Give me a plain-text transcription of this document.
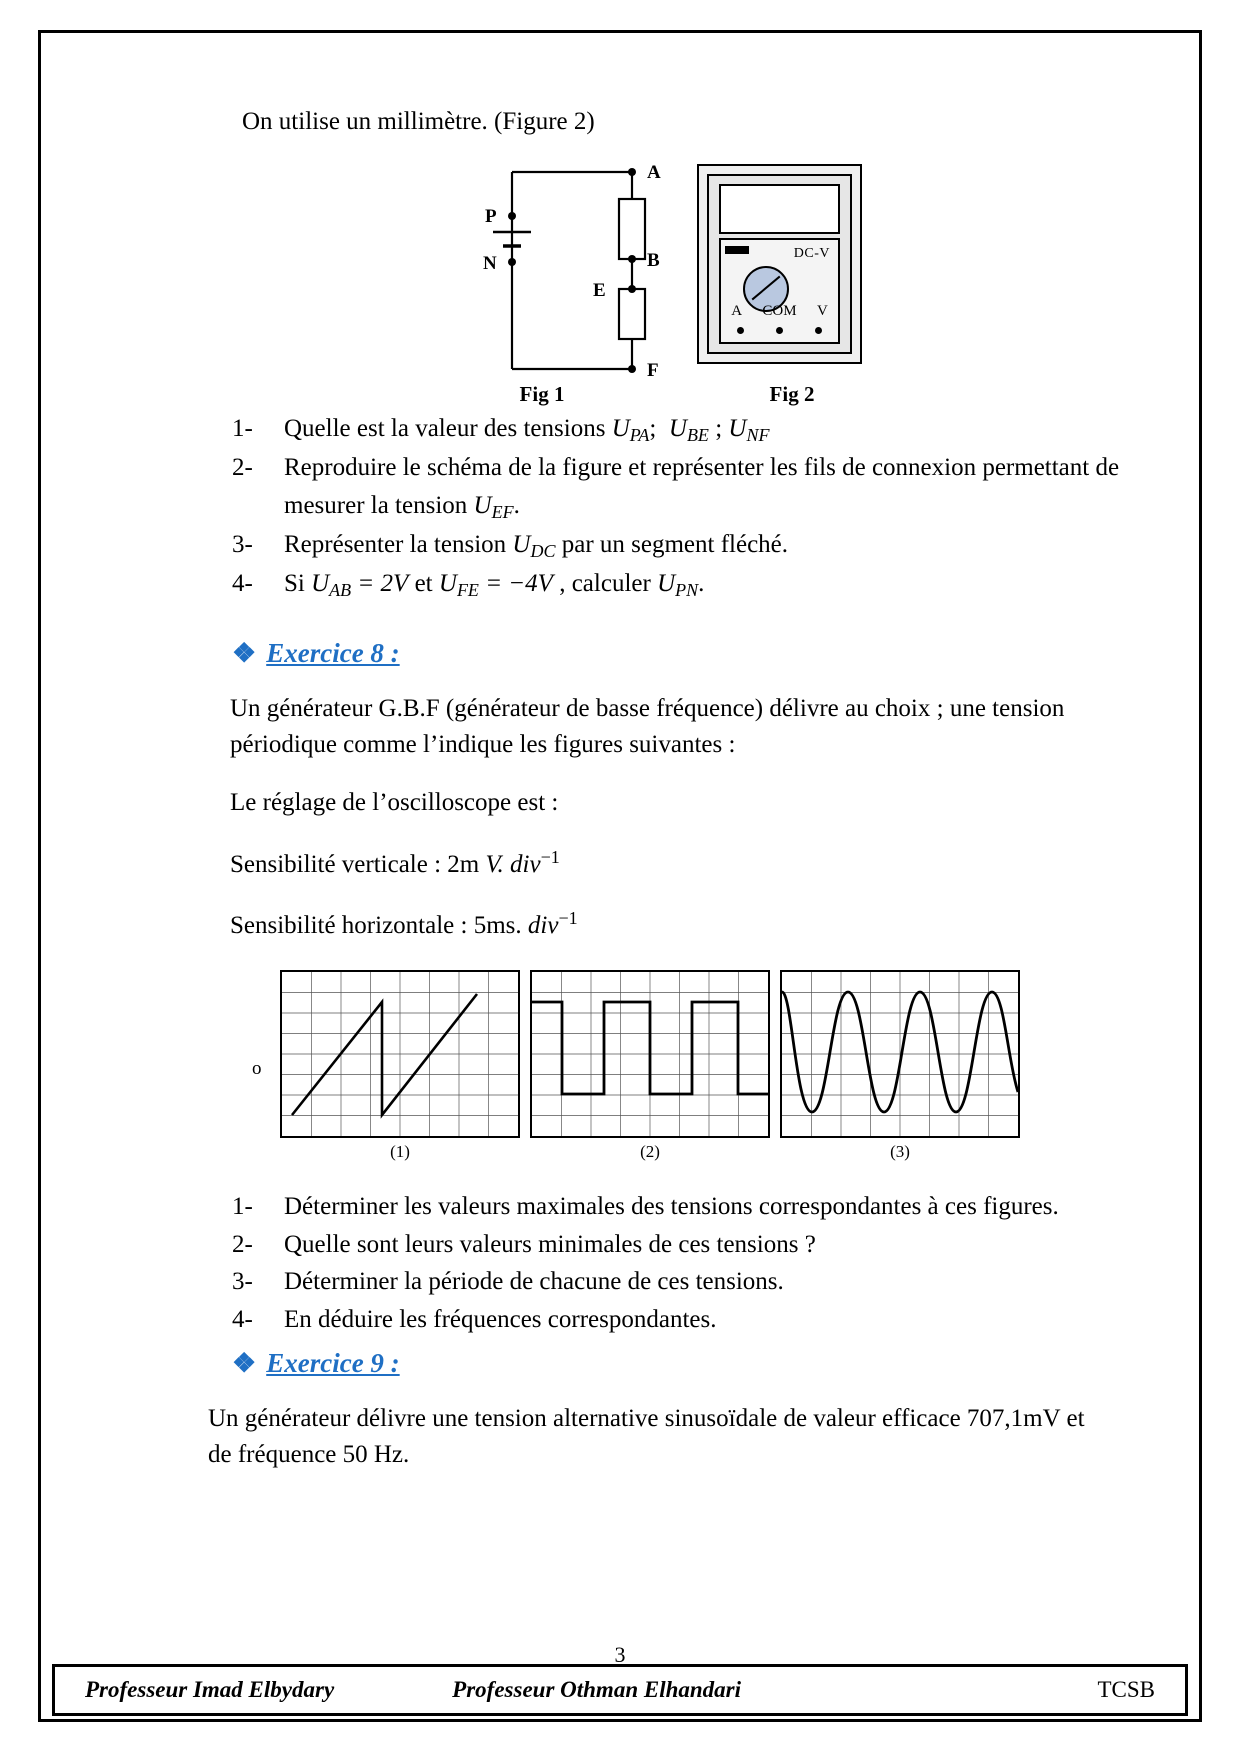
On utilise un millimètre. (Figure 2)
A
B
E
F
P
N
Fig 1
DC-V
A COM V
Fig 2
1- Quelle est la valeur des tensions $U_{PA}$;  $U_{BE}$ ; $U_{NF}$
2- Reproduire le schéma de la figure et représenter les fils de connexion permettant de mesurer la tension $U_{EF}$.
3- Représenter la tension $U_{DC}$ par un segment fléché.
4- Si $U_{AB} = 2V$ et $U_{FE} = -4V$ , calculer $U_{PN}$.
❖ Exercice 8 :
Un générateur G.B.F (générateur de basse fréquence) délivre au choix ; une tension périodique comme l’indique les figures suivantes :
Le réglage de l’oscilloscope est :
Sensibilité verticale : 2m V. div$^{-1}$
Sensibilité horizontale : 5ms. div$^{-1}$
o
(1)	(2)	(3)
1- Déterminer les valeurs maximales des tensions correspondantes à ces figures.
2- Quelle sont leurs valeurs minimales de ces tensions ?
3- Déterminer la période de chacune de ces tensions.
4- En déduire les fréquences correspondantes.
❖ Exercice 9 :
Un générateur délivre une tension alternative sinusoïdale de valeur efficace 707,1mV et de fréquence 50 Hz.
3
Professeur Imad Elbydary	Professeur Othman Elhandari	TCSB
